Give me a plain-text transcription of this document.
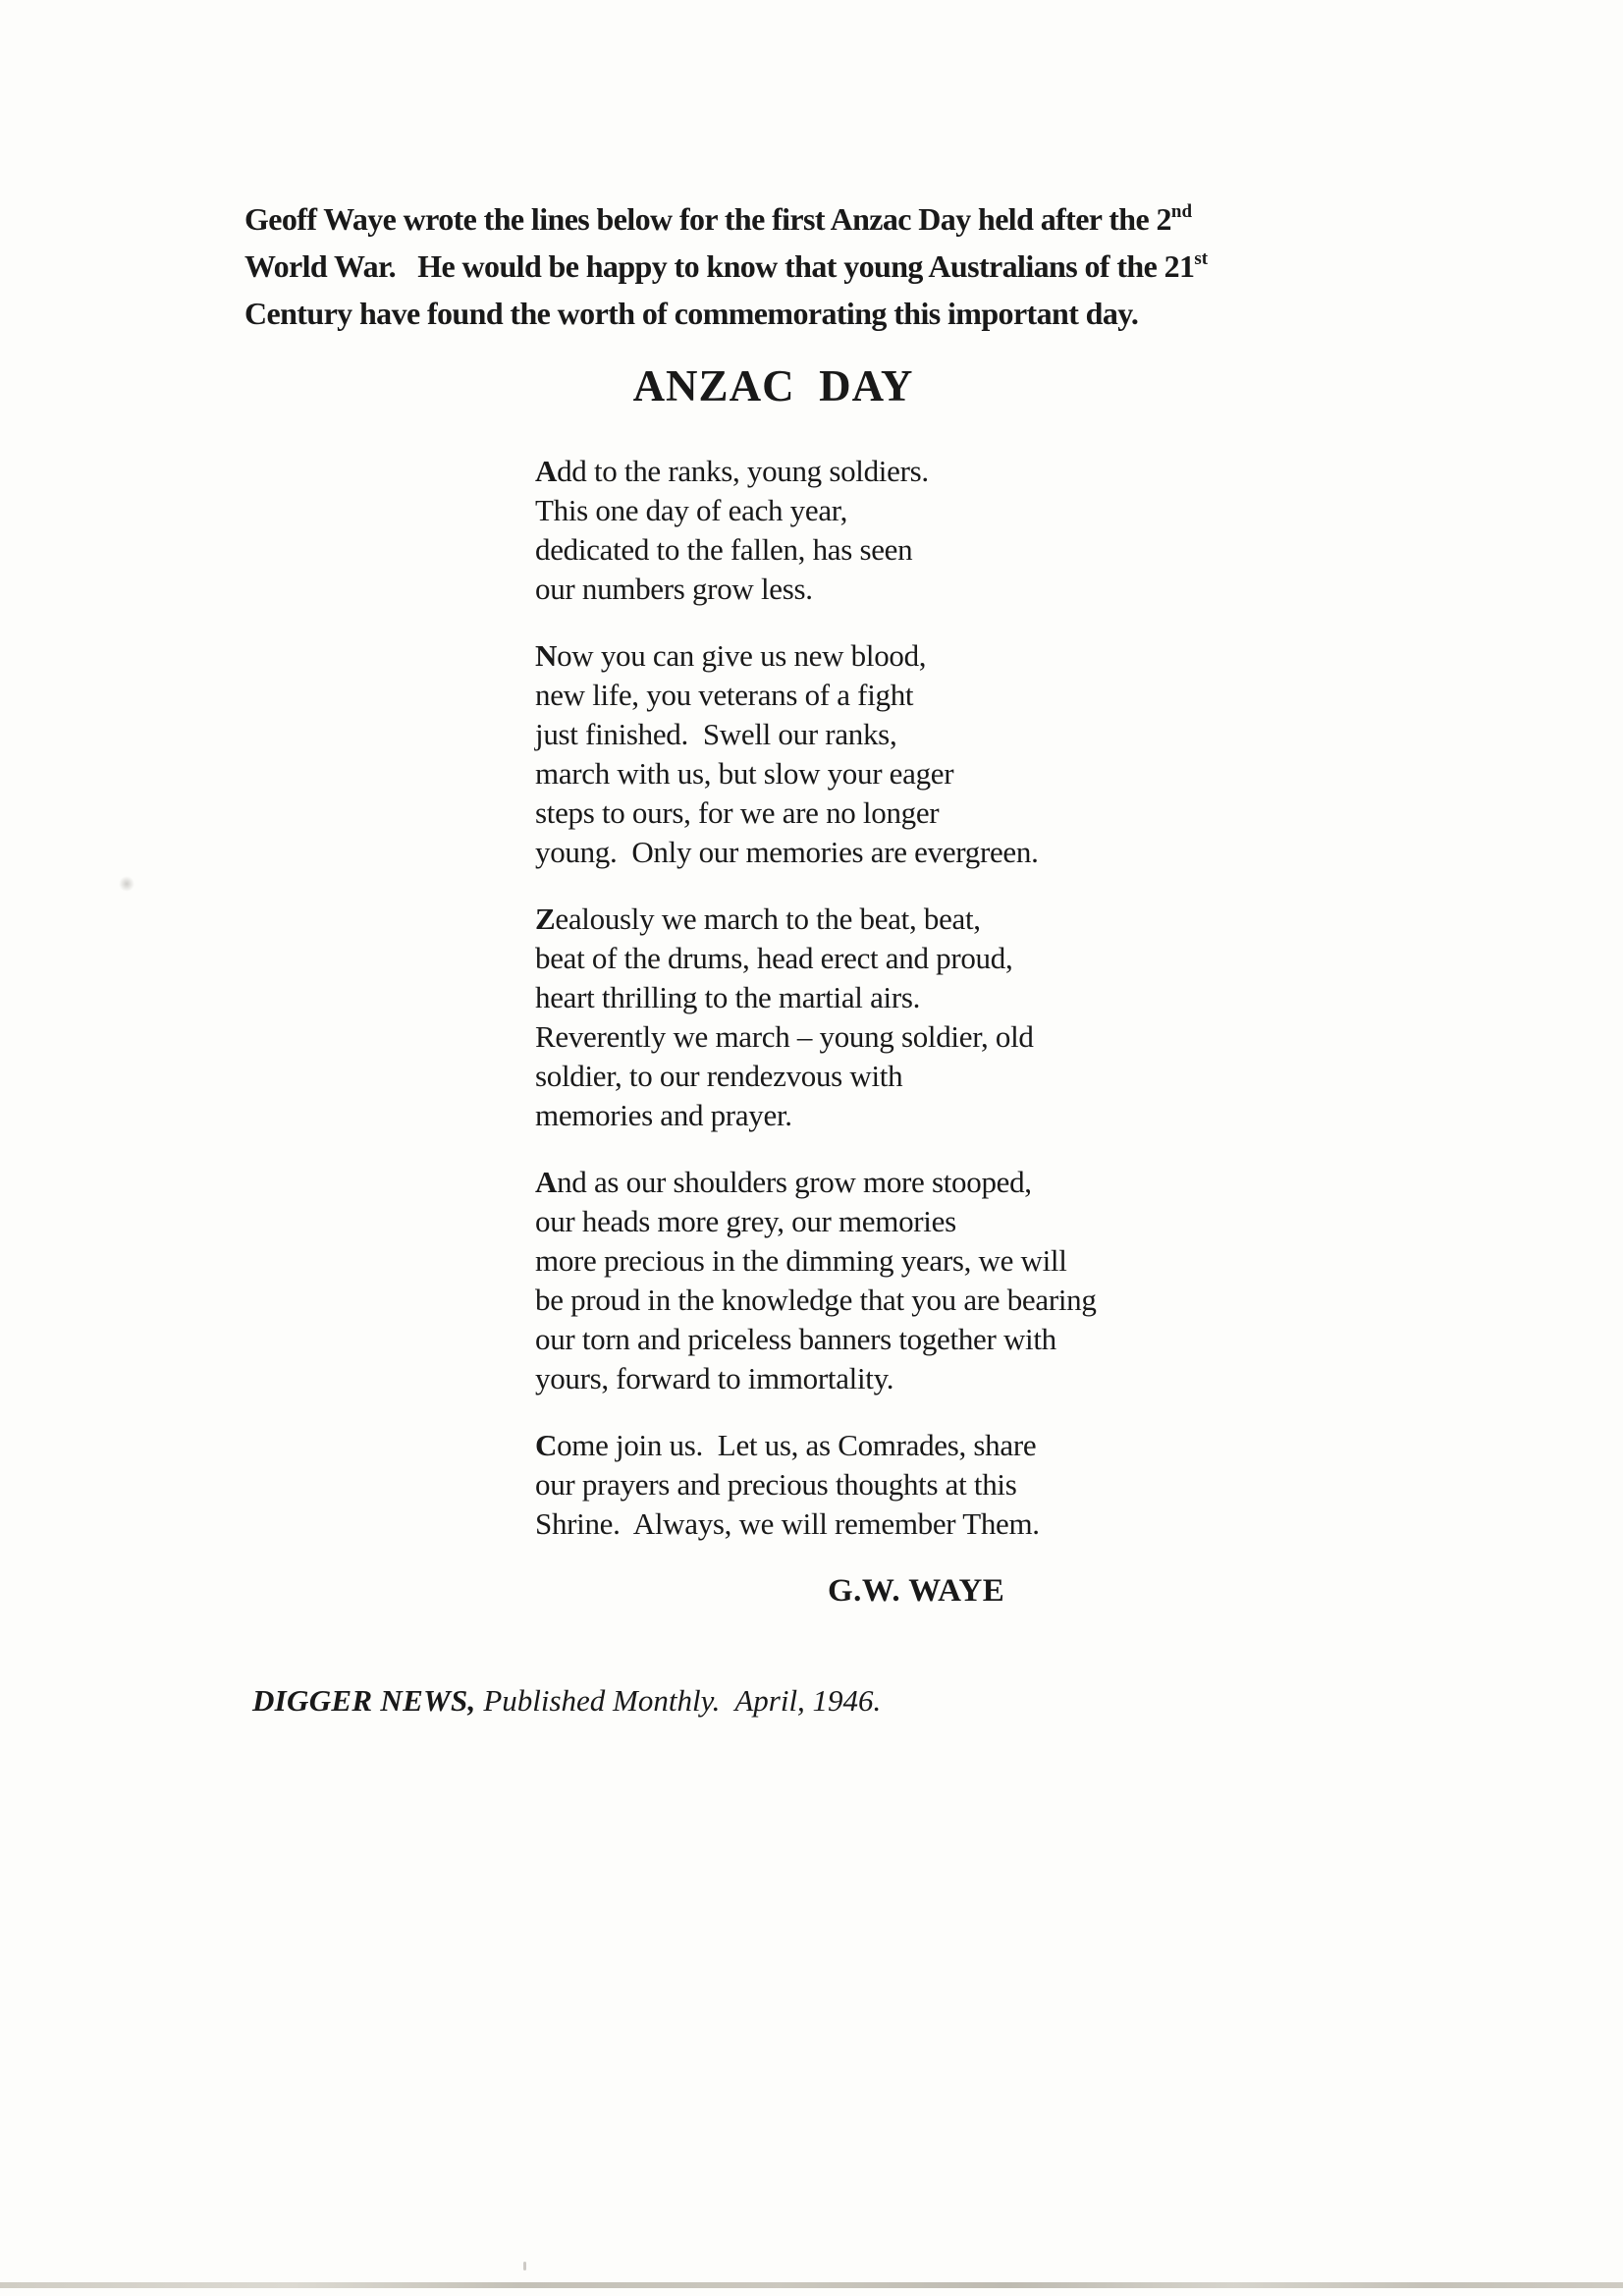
Geoff Waye wrote the lines below for the first Anzac Day held after the 2nd
World War.   He would be happy to know that young Australians of the 21st
Century have found the worth of commemorating this important day.
ANZAC  DAY
Add to the ranks, young soldiers.
This one day of each year,
dedicated to the fallen, has seen
our numbers grow less.
Now you can give us new blood,
new life, you veterans of a fight
just finished.  Swell our ranks,
march with us, but slow your eager
steps to ours, for we are no longer
young.  Only our memories are evergreen.
Zealously we march to the beat, beat,
beat of the drums, head erect and proud,
heart thrilling to the martial airs.
Reverently we march – young soldier, old
soldier, to our rendezvous with
memories and prayer.
And as our shoulders grow more stooped,
our heads more grey, our memories
more precious in the dimming years, we will
be proud in the knowledge that you are bearing
our torn and priceless banners together with
yours, forward to immortality.
Come join us.  Let us, as Comrades, share
our prayers and precious thoughts at this
Shrine.  Always, we will remember Them.
G.W. WAYE
DIGGER NEWS, Published Monthly.  April, 1946.
